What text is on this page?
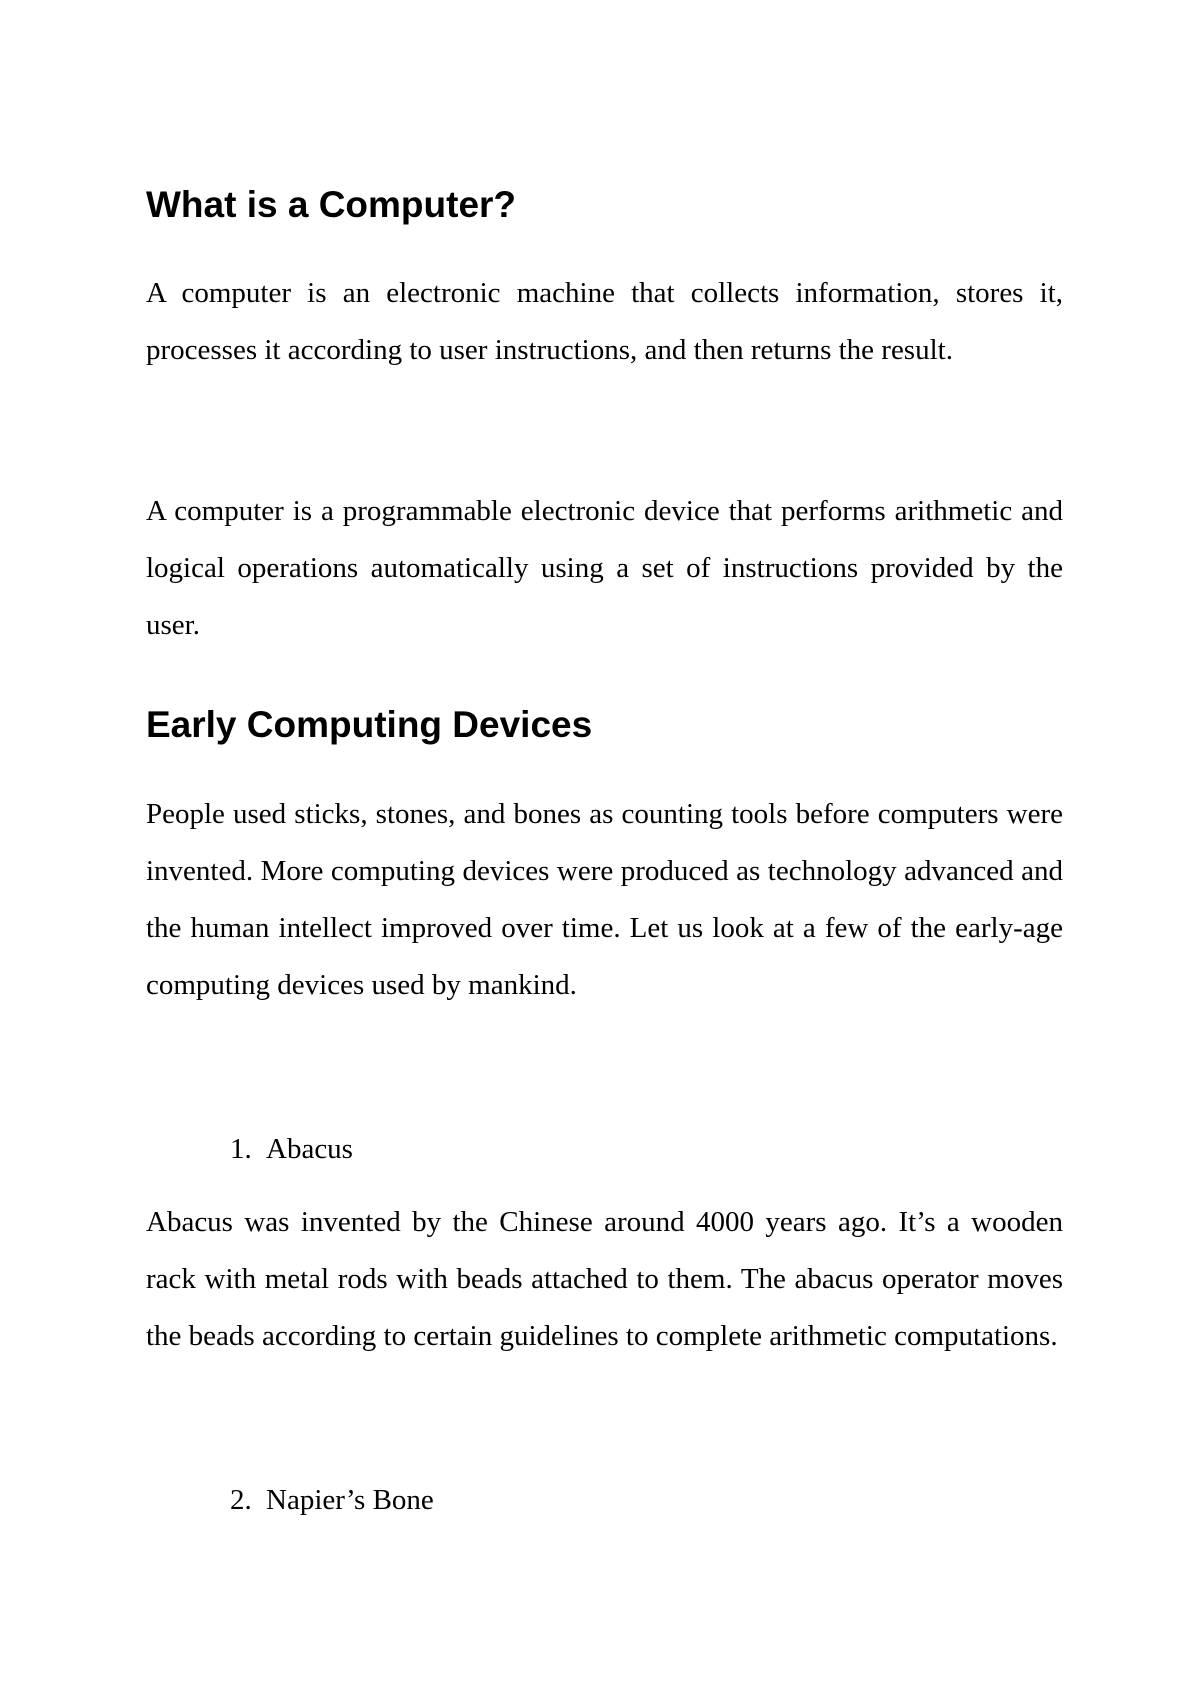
What is a Computer?

A computer is an electronic machine that collects information, stores it, processes it according to user instructions, and then returns the result.

A computer is a programmable electronic device that performs arithmetic and logical operations automatically using a set of instructions provided by the user.

Early Computing Devices

People used sticks, stones, and bones as counting tools before computers were invented. More computing devices were produced as technology advanced and the human intellect improved over time. Let us look at a few of the early-age computing devices used by mankind.

1. Abacus

Abacus was invented by the Chinese around 4000 years ago. It’s a wooden rack with metal rods with beads attached to them. The abacus operator moves the beads according to certain guidelines to complete arithmetic computations.

2. Napier’s Bone
